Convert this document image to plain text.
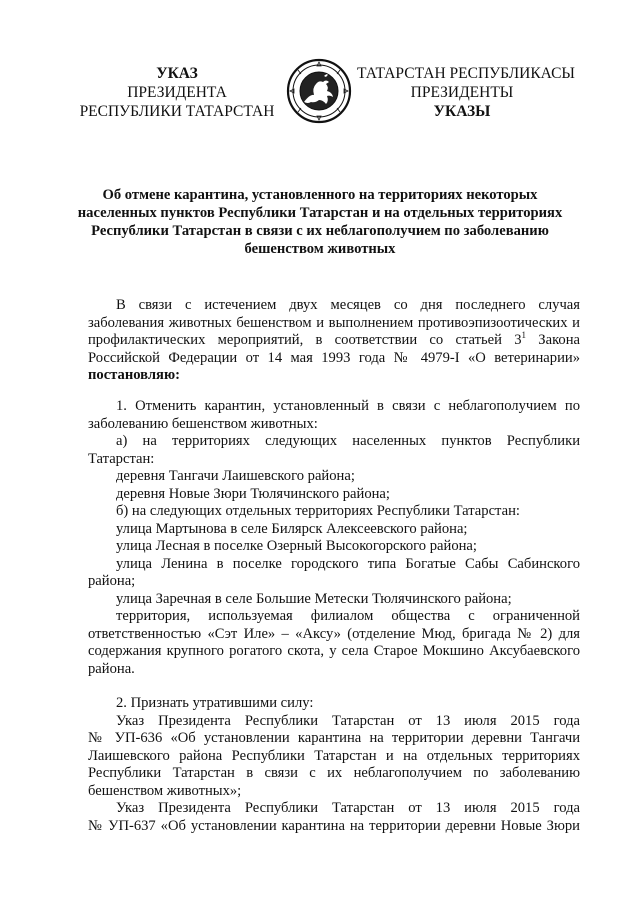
УКАЗ
ПРЕЗИДЕНТА
РЕСПУБЛИКИ ТАТАРСТАН
ТАТАРСТАН РЕСПУБЛИКАСЫ
ПРЕЗИДЕНТЫ
УКАЗЫ
Об отмене карантина, установленного на территориях некоторых
населенных пунктов Республики Татарстан и на отдельных территориях
Республики Татарстан в связи с их неблагополучием по заболеванию
бешенством животных

В связи с истечением двух месяцев со дня последнего случая

заболевания животных бешенством и выполнением противоэпизоотических и

профилактических мероприятий, в соответствии со статьей $3^1$ Закона

Российской Федерации от 14 мая 1993 года № 4979-I «О ветеринарии»

постановляю:

1. Отменить карантин, установленный в связи с неблагополучием по

заболеванию бешенством животных:

а) на территориях следующих населенных пунктов Республики

Татарстан:

деревня Тангачи Лаишевского района;

деревня Новые Зюри Тюлячинского района;

б) на следующих отдельных территориях Республики Татарстан:

улица Мартынова в селе Билярск Алексеевского района;

улица Лесная в поселке Озерный Высокогорского района;

улица Ленина в поселке городского типа Богатые Сабы Сабинского

района;

улица Заречная в селе Большие Метески Тюлячинского района;

территория, используемая филиалом общества с ограниченной

ответственностью «Сэт Иле» – «Аксу» (отделение Мюд, бригада № 2) для

содержания крупного рогатого скота, у села Старое Мокшино Аксубаевского

района.

2. Признать утратившими силу:

Указ Президента Республики Татарстан от 13 июля 2015 года

№ УП-636 «Об установлении карантина на территории деревни Тангачи

Лаишевского района Республики Татарстан и на отдельных территориях

Республики Татарстан в связи с их неблагополучием по заболеванию

бешенством животных»;

Указ Президента Республики Татарстан от 13 июля 2015 года

№ УП-637 «Об установлении карантина на территории деревни Новые Зюри
